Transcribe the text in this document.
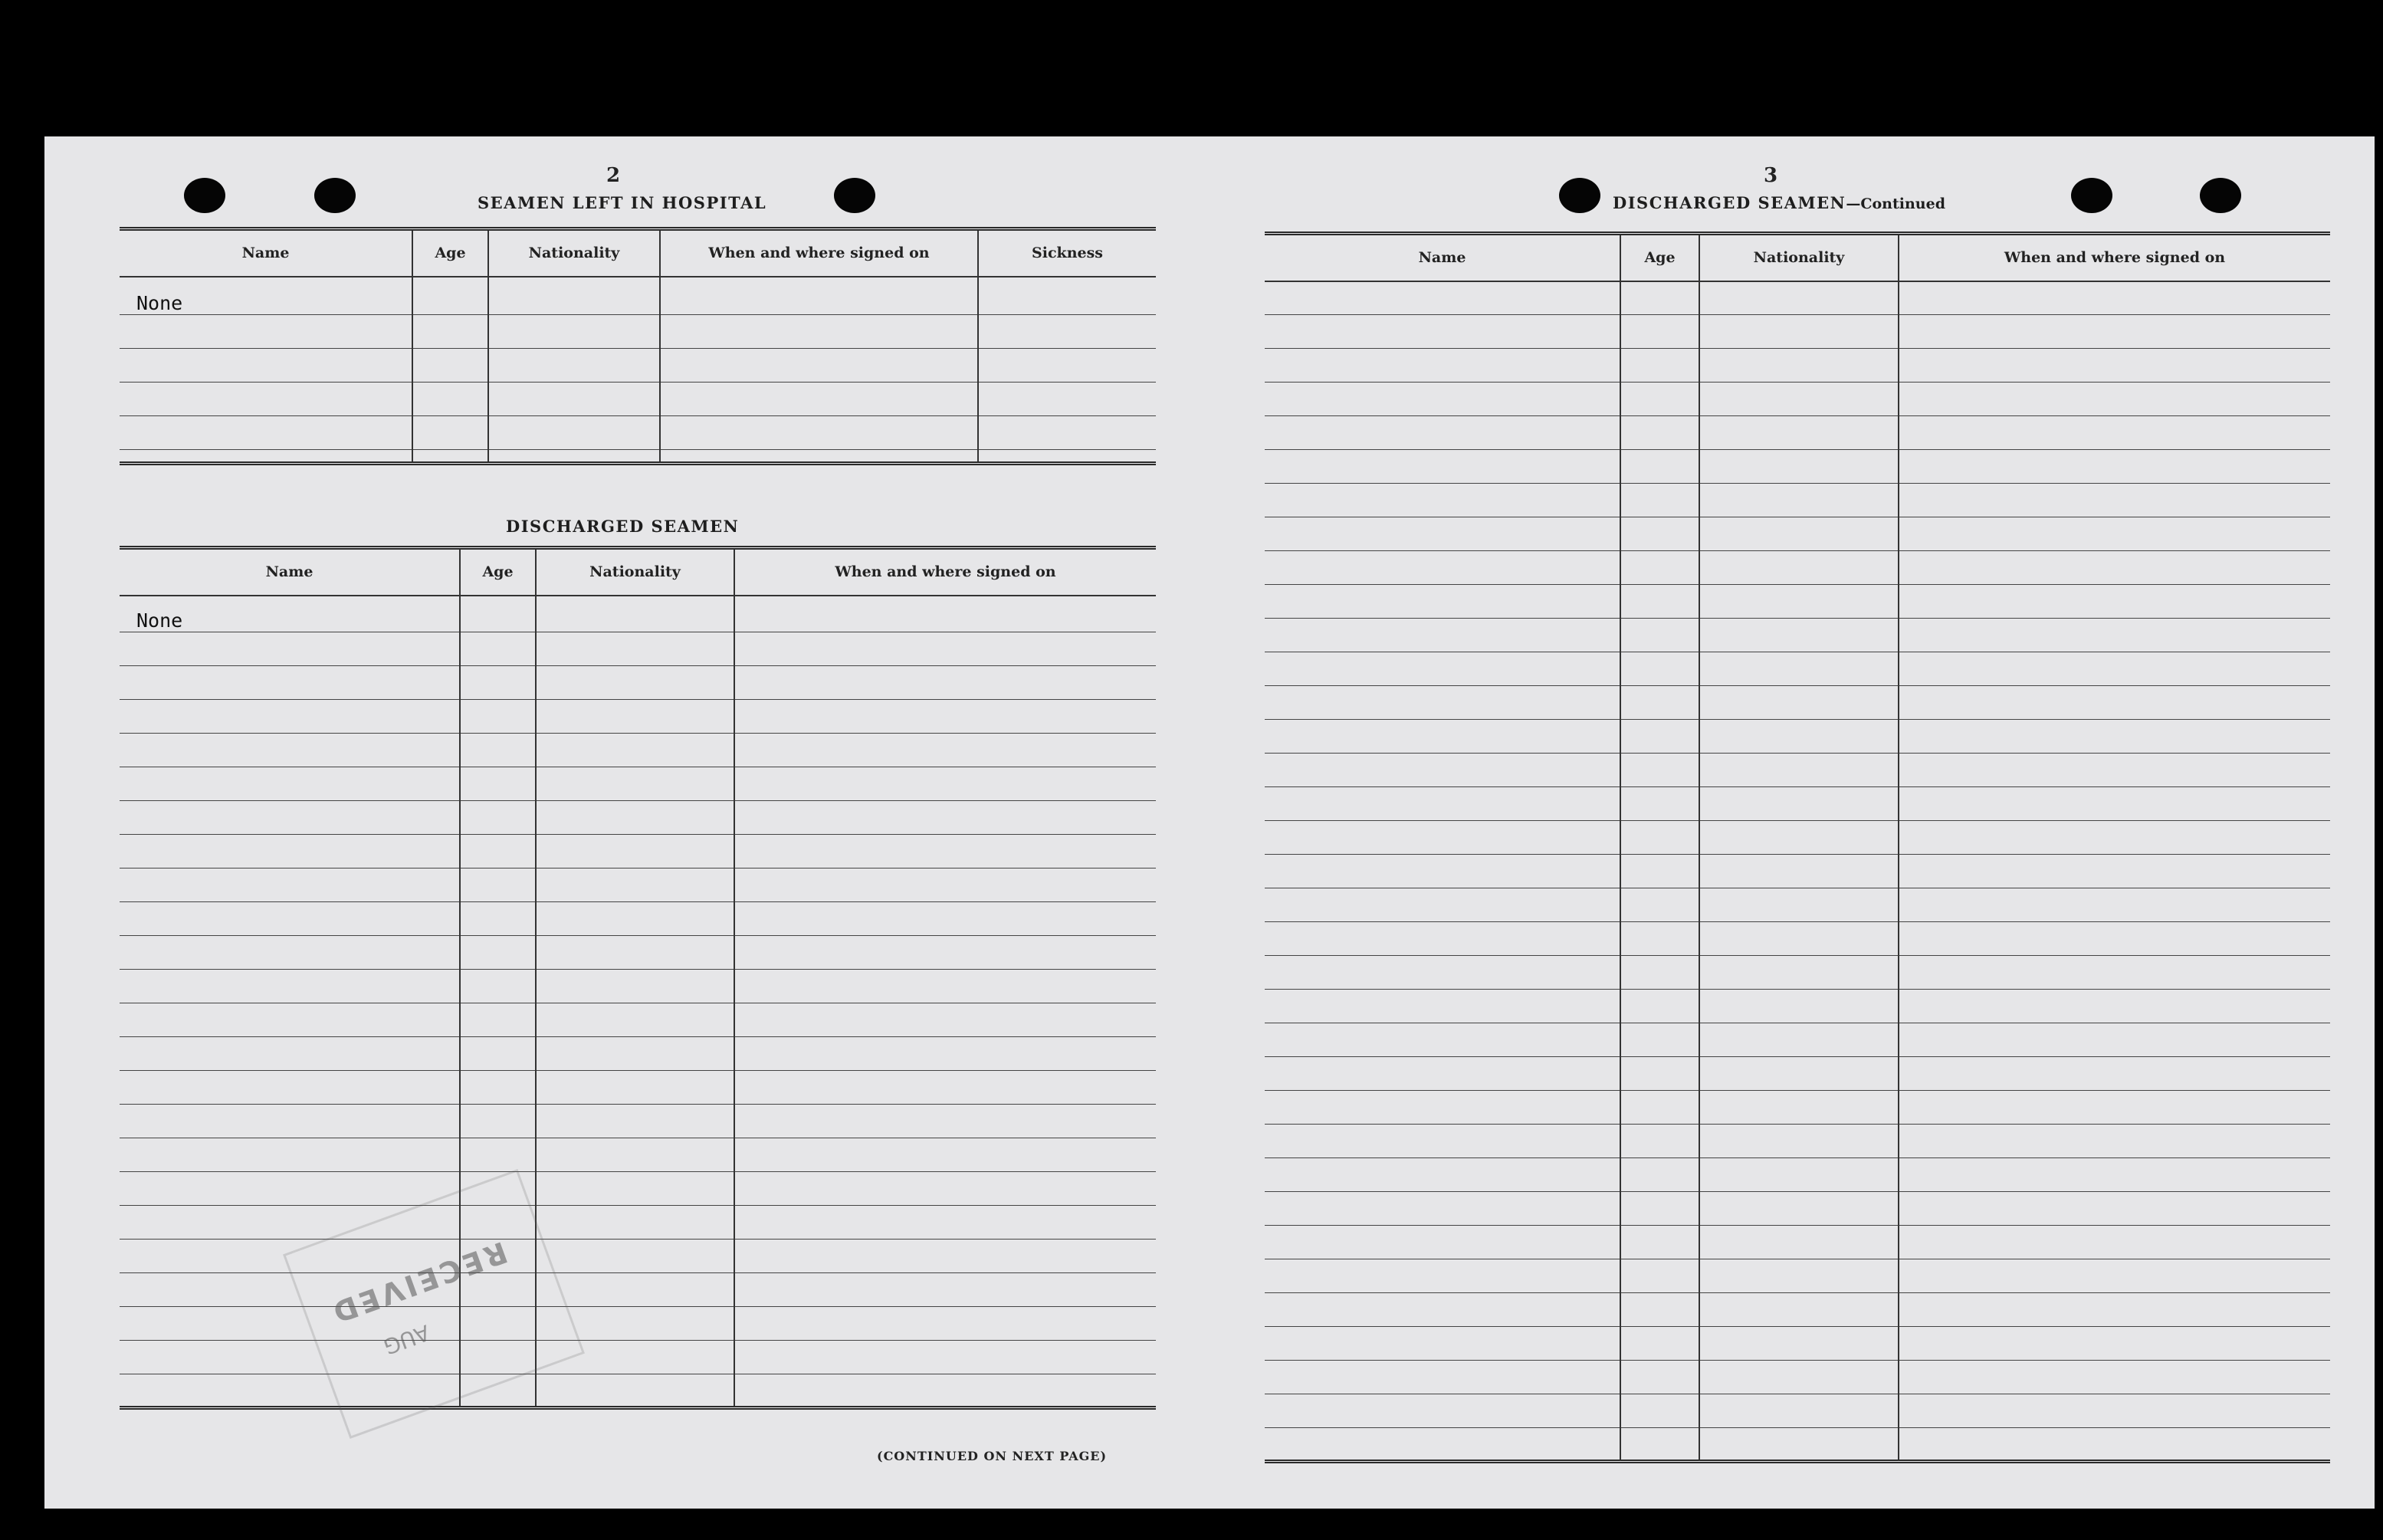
2
SEAMEN LEFT IN HOSPITAL
Name	Age	Nationality	When and where signed on	Sickness
None				

DISCHARGED SEAMEN
Name	Age	Nationality	When and where signed on
None			

(CONTINUED ON NEXT PAGE)
RECEIVED
AUG
3
DISCHARGED SEAMEN—Continued
Name	Age	Nationality	When and where signed on
